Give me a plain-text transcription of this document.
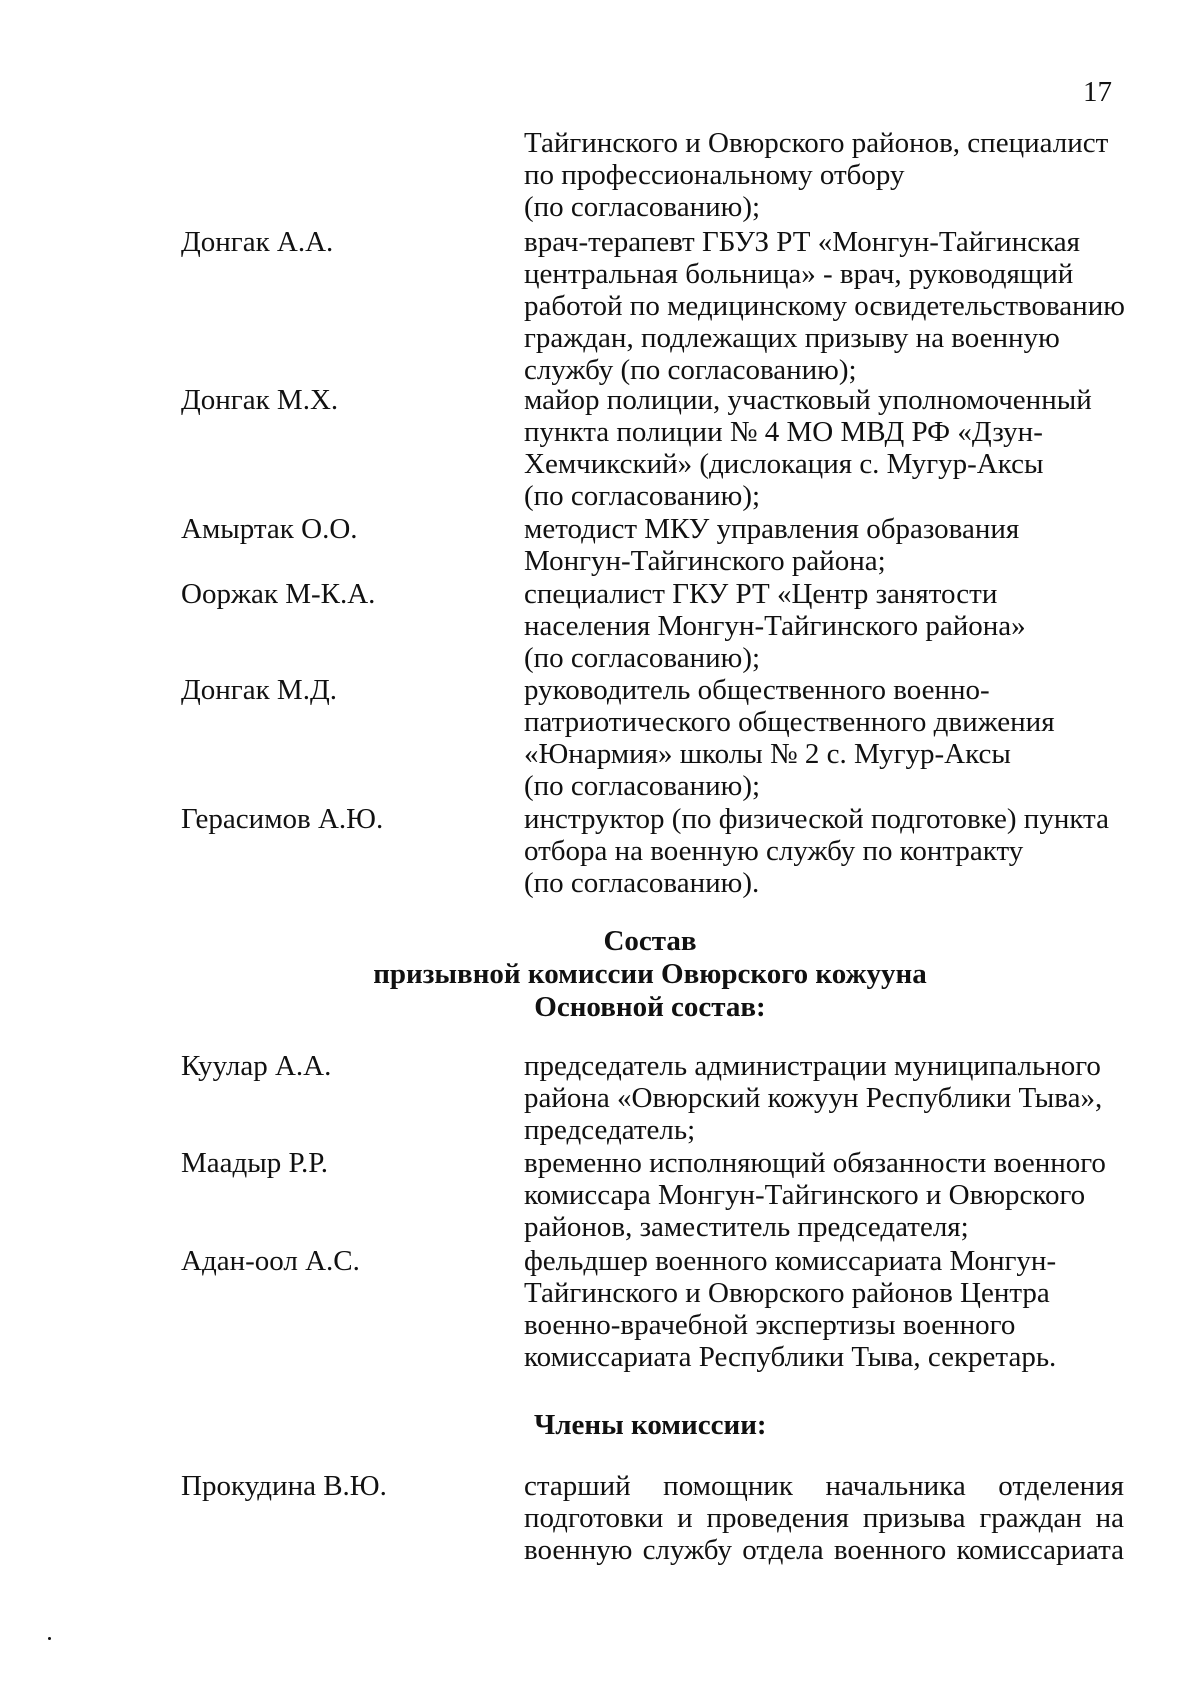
17
Тайгинского и Овюрского районов, специалист
по профессиональному отбору
(по согласованию);
Донгак А.А.	врач-терапевт ГБУЗ РТ «Монгун-Тайгинская
центральная больница» - врач, руководящий
работой по медицинскому освидетельствованию
граждан, подлежащих призыву на военную
службу (по согласованию);
Донгак М.Х.	майор полиции, участковый уполномоченный
пункта полиции № 4 МО МВД РФ «Дзун-
Хемчикский» (дислокация с. Мугур-Аксы
(по согласованию);
Амыртак О.О.	методист МКУ управления образования
Монгун-Тайгинского района;
Ооржак М-К.А.	специалист ГКУ РТ «Центр занятости
населения Монгун-Тайгинского района»
(по согласованию);
Донгак М.Д.	руководитель общественного военно-
патриотического общественного движения
«Юнармия» школы № 2 с. Мугур-Аксы
(по согласованию);
Герасимов А.Ю.	инструктор (по физической подготовке) пункта
отбора на военную службу по контракту
(по согласованию).
Состав
призывной комиссии Овюрского кожууна
Основной состав:
Куулар А.А.	председатель администрации муниципального
района «Овюрский кожуун Республики Тыва»,
председатель;
Маадыр Р.Р.	временно исполняющий обязанности военного
комиссара Монгун-Тайгинского и Овюрского
районов, заместитель председателя;
Адан-оол А.С.	фельдшер военного комиссариата Монгун-
Тайгинского и Овюрского районов Центра
военно-врачебной экспертизы военного
комиссариата Республики Тыва, секретарь.
Члены комиссии:
Прокудина В.Ю.	старший помощник начальника отделения
подготовки и проведения призыва граждан на
военную службу отдела военного комиссариата
